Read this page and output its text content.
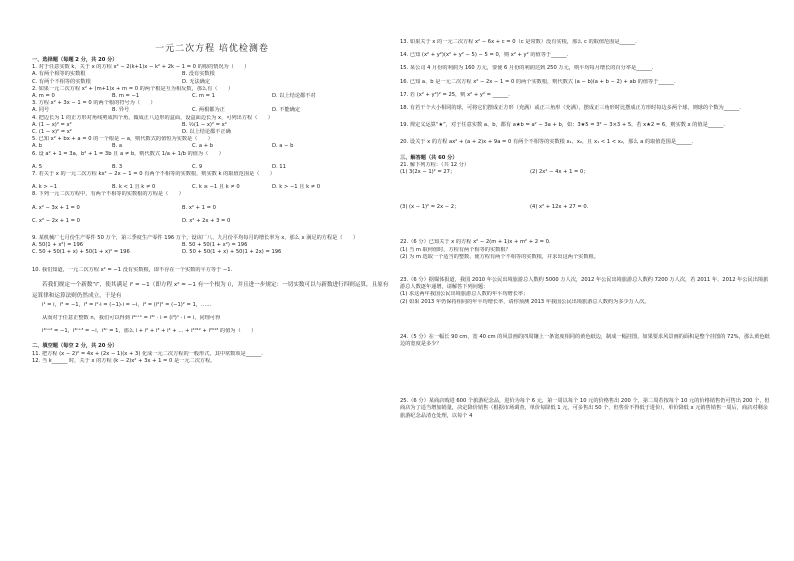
一元二次方程 培优检测卷
一、选择题（每题 2 分，共 20 分）
1. 对于任意实数 k，关于 x 的方程 x² − 2(k+1)x − k² + 2k − 1 = 0 的根的情况为（　　）
A. 有两个相等的实数根	B. 没有实数根
C. 有两个不相等的实数根	D. 无法确定
2. 如果一元二次方程 x² + (m+1)x + m = 0 的两个根是互为相反数，那么有（　　）
A. m = 0	B. m = −1	C. m = 1	D. 以上结论都不对
3. 方程 x² + 3x − 1 = 0 的两个根的符号为（　　）
A. 同号	B. 异号	C. 两根都为正	D. 不能确定
4. 把边长为 1 的正方形对角线剪成四个角，做成正八边形的盒面，设盒面边长为 x，可列出方程（　　）
A. (1 − x)² = x²	B. ½(1 − x)² = x²
C. (1 − x)² = x²	D. 以上结论都不正确
5. 已知 x² + bx + a = 0 的一个根是 − a，则代数式的值恒为实数是（　　）
A. b	B. a	C. a + b	D. a − b
6. 设 a² + 1 = 3a，b² + 1 = 3b 且 a ≠ b，则代数式 1/a + 1/b 的值为（　　）
A. 5	B. 3	C. 9	D. 11
7. 若关于 x 的一元二次方程 kx² − 2x − 1 = 0 有两个不相等的实数根，则实数 k 的取值范围是（　　）
A. k > −1	B. k < 1 且 k ≠ 0	C. k ≥ −1 且 k ≠ 0	D. k > −1 且 k ≠ 0
8. 下列一元二次方程中，有两个不相等的实数根的方程是（　　）
A. x² − 3x + 1 = 0	B. x² + 1 = 0
C. x² − 2x + 1 = 0	D. x² + 2x + 3 = 0
9. 某机械厂七月份生产零件 50 万个，第三季度生产零件 196 万个，设该厂八、九月份平均每月的增长率为 x，那么 x 满足的方程是（　　）
A. 50(1 + x²) = 196	B. 50 + 50(1 + x²) = 196
C. 50 + 50(1 + x) + 50(1 + x)² = 196	D. 50 + 50(1 + x) + 50(1 + 2x) = 196
10. 我们知道，一元二次方程 x² = −1 没有实数根，即不存在一个实数的平方等于 −1.
若我们规定一个新数“i”，使其满足 i² = −1（即方程 x² = −1 有一个根为 i），并且进一步规定：一切实数可以与新数进行四则运算，且原有运算律和运算法则仍然成立，于是有
i¹ = i，i² = −1，i³ = i²·i = (−1)·i = −i，i⁴ = (i²)² = (−1)² = 1，……
从而对于任意正整数 n，我们可以得到 i⁴ⁿ⁺¹ = i⁴ⁿ · i = (i⁴)ⁿ · i = i，同理可得
i⁴ⁿ⁺² = −1，i⁴ⁿ⁺³ = −i，i⁴ⁿ = 1，那么 i + i² + i³ + i⁴ + … + i²⁰¹² + i²⁰¹³ 的值为（　　）
二、填空题（每空 2 分，共 20 分）
11. 把方程 (x − 2)² = 4x + (2x − 1)(x + 3) 化成一元二次方程的一般形式，其中常数项是______.
12. 当 k______ 时，关于 x 的方程 (k − 2)x² + 3x + 1 = 0 是一元二次方程。
13. 如果关于 x 的一元二次方程 x² − 6x + c = 0（c 是常数）没有实根，那么 c 的取值范围是______.
14. 已知 (x² + y²)(x² + y² − 5) − 5 = 0，则 x² + y² 的值等于______.
15. 某公司 4 月份的利润为 160 万元，要使 6 月份的利润达到 250 万元，则平均每月增长的百分率是______.
16. 已知 a、b 是一元二次方程 x² − 2x − 1 = 0 的两个实数根，则代数式 (a − b)(a + b − 2) + ab 的值等于______.
17. 若 (x² + y²)² = 25，则 x² + y² = ______.
18. 有若干个大小相同的球，可将它们摆成正方形（充满）或正三角形（充满），摆成正三角形时比摆成正方形时每边多两个球，则球的个数为______.
19. 规定义运算“★”，对于任意实数 a、b，都有 a★b = a² − 3a + b，如：3★5 = 3² − 3×3 + 5，若 x★2 = 6，则实数 x 的值是______.
20. 设关于 x 的方程 ax² + (a + 2)x + 9a = 0 有两个不相等的实数根 x₁、x₂，且 x₁ < 1 < x₂，那么 a 的取值范围是______.
三、解答题（共 60 分）
21. 解下列方程：（共 12 分）
(1) 3(2x − 1)² = 27；	(2) 2x² − 4x + 1 = 0；
(3) (x − 1)² = 2x − 2；	(4) x² + 12x + 27 = 0.
22.（6 分）已知关于 x 的方程 x² − 2(m + 1)x + m² + 2 = 0.
(1) 当 m 取何值时，方程有两个相等的实数根？
(2) 为 m 选取一个适当的整数，使方程有两个不相等的实数根，并求出这两个实数根。
23.（6 分）据媒体报道，我国 2010 年公民出境旅游总人数约 5000 万人次，2012 年公民出境旅游总人数约 7200 万人次，若 2011 年、2012 年公民出境旅游总人数逐年递增，请解答下列问题：
(1) 求这两年我国公民出境旅游总人数的年平均增长率；
(2) 如果 2013 年仍保持相同的年平均增长率，请你预测 2013 年我国公民出境旅游总人数约为多少万人次。
24.（5 分）在一幅长 90 cm，宽 40 cm 的风景画的四周镶上一条宽度相同的黄色纸边，制成一幅挂图，如果要求风景画的面积是整个挂图的 72%，那么黄色纸边的宽度是多少？
25.（6 分）某商店购进 600 个旅游纪念品，进价为每个 6 元，第一周以每个 10 元的价格售出 200 个，第二周若按每个 10 元的价格销售仍可售出 200 个，但商店为了适当增加销量，决定降价销售（根据市场调查，单价每降低 1 元，可多售出 50 个，但售价不得低于进价），单价降低 x 元销售销售一周后，商店对剩余旅游纪念品清仓处理，以每个 4
